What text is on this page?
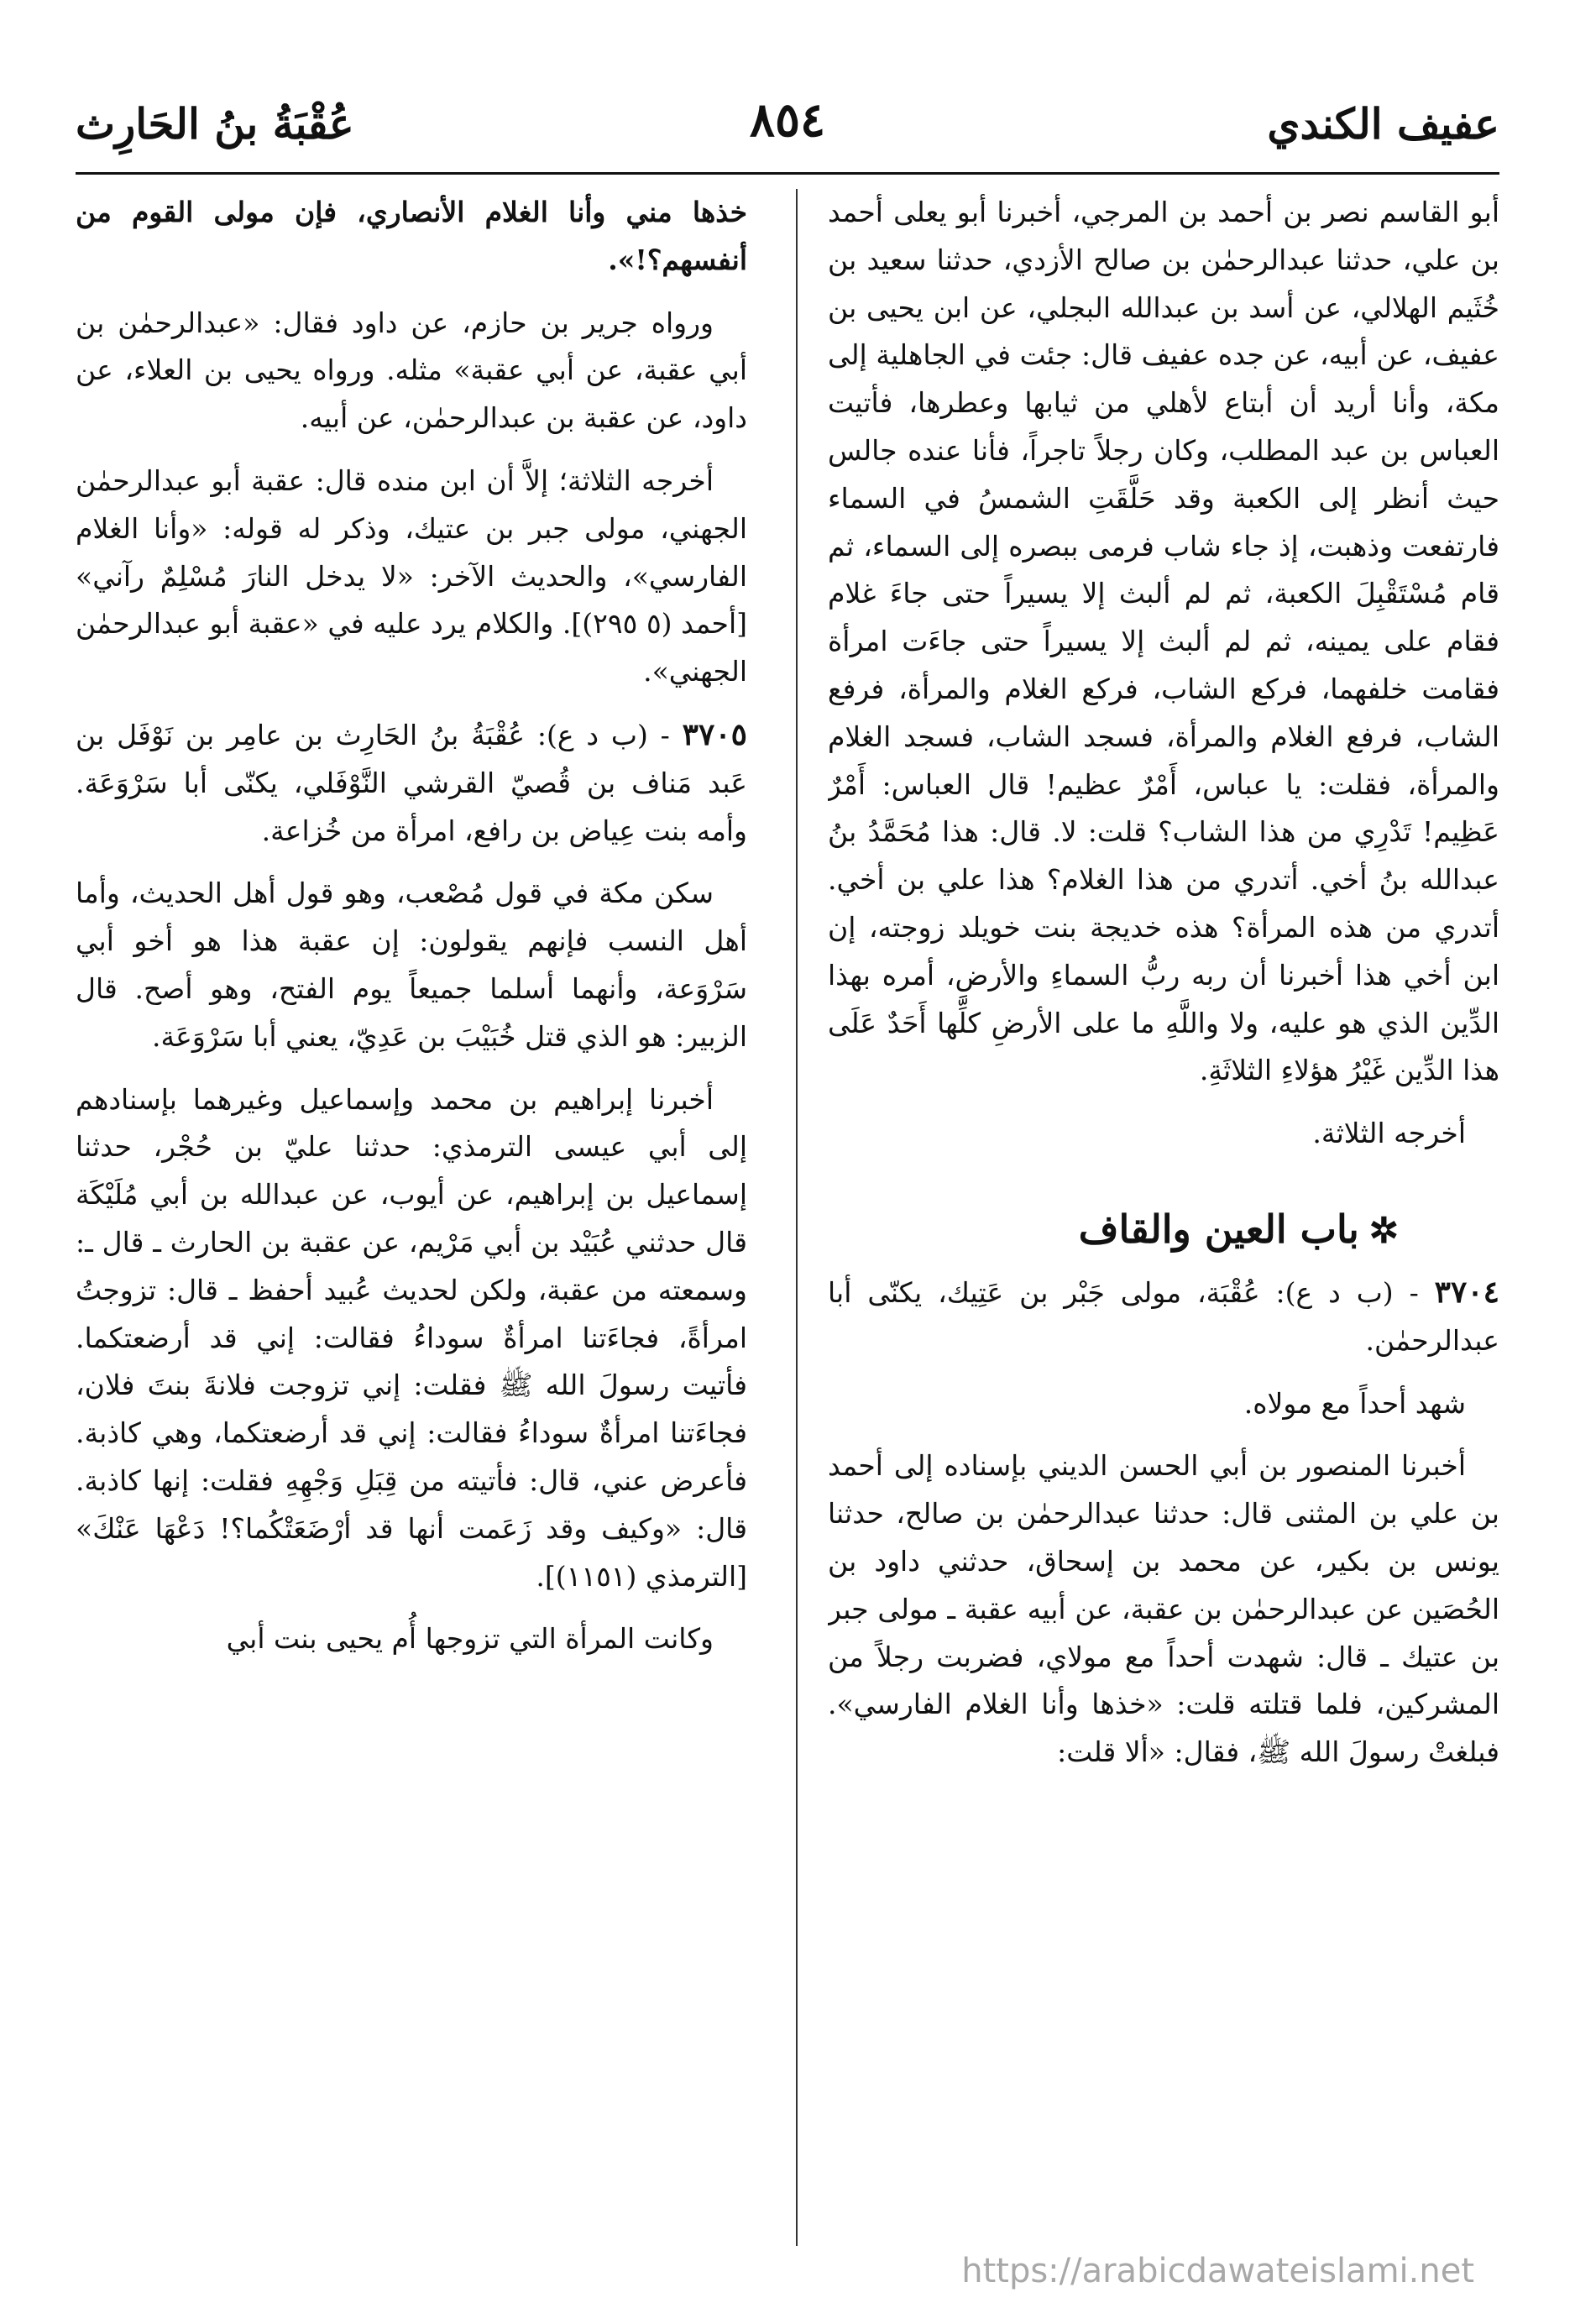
عفيف الكندي
٨٥٤
عُقْبَةُ بنُ الحَارِث

أبو القاسم نصر بن أحمد بن المرجي، أخبرنا أبو يعلى أحمد بن علي، حدثنا عبدالرحمٰن بن صالح الأزدي، حدثنا سعيد بن خُثَيم الهلالي، عن أسد بن عبدالله البجلي، عن ابن يحيى بن عفيف، عن أبيه، عن جده عفيف قال: جئت في الجاهلية إلى مكة، وأنا أريد أن أبتاع لأهلي من ثيابها وعطرها، فأتيت العباس بن عبد المطلب، وكان رجلاً تاجراً، فأنا عنده جالس حيث أنظر إلى الكعبة وقد حَلَّقَتِ الشمسُ في السماء فارتفعت وذهبت، إذ جاء شاب فرمى ببصره إلى السماء، ثم قام مُسْتَقْبِلَ الكعبة، ثم لم ألبث إلا يسيراً حتى جاءَ غلام فقام على يمينه، ثم لم ألبث إلا يسيراً حتى جاءَت امرأة فقامت خلفهما، فركع الشاب، فركع الغلام والمرأة، فرفع الشاب، فرفع الغلام والمرأة، فسجد الشاب، فسجد الغلام والمرأة، فقلت: يا عباس، أَمْرٌ عظيم! قال العباس: أَمْرٌ عَظِيم! تَدْرِي من هذا الشاب؟ قلت: لا. قال: هذا مُحَمَّدُ بنُ عبدالله بنُ أخي. أتدري من هذا الغلام؟ هذا علي بن أخي. أتدري من هذه المرأة؟ هذه خديجة بنت خويلد زوجته، إن ابن أخي هذا أخبرنا أن ربه ربُّ السماءِ والأرضِ، أمره بهذا الدِّين الذي هو عليه، ولا واللَّهِ ما على الأرضِ كلِّها أَحَدٌ عَلَى هذا الدِّين غَيْرُ هؤلاءِ الثلاثَةِ.

أخرجه الثلاثة.

✲باب العين والقاف

٣٧٠٤ - (ب د ع): عُقْبَة، مولى جَبْر بن عَتِيك، يكنّى أبا عبدالرحمٰن.

شهد أحداً مع مولاه.

أخبرنا المنصور بن أبي الحسن الديني بإسناده إلى أحمد بن علي بن المثنى قال: حدثنا عبدالرحمٰن بن صالح، حدثنا يونس بن بكير، عن محمد بن إسحاق، حدثني داود بن الحُصَين عن عبدالرحمٰن بن عقبة، عن أبيه عقبة ـ مولى جبر بن عتيك ـ قال: شهدت أحداً مع مولاي، فضربت رجلاً من المشركين، فلما قتلته قلت: «خذها وأنا الغلام الفارسي». فبلغتْ رسولَ الله ﷺ، فقال: «ألا قلت:

خذها مني وأنا الغلام الأنصاري، فإن مولى القوم من أنفسهم؟!».

ورواه جرير بن حازم، عن داود فقال: «عبدالرحمٰن بن أبي عقبة، عن أبي عقبة» مثله. ورواه يحيى بن العلاء، عن داود، عن عقبة بن عبدالرحمٰن، عن أبيه.

أخرجه الثلاثة؛ إلاَّ أن ابن منده قال: عقبة أبو عبدالرحمٰن الجهني، مولى جبر بن عتيك، وذكر له قوله: «وأنا الغلام الفارسي»، والحديث الآخر: «لا يدخل النارَ مُسْلِمٌ رآني» [أحمد (٥ ٢٩٥)]. والكلام يرد عليه في «عقبة أبو عبدالرحمٰن الجهني».

٣٧٠٥ - (ب د ع): عُقْبَةُ بنُ الحَارِث بن عامِر بن نَوْفَل بن عَبد مَناف بن قُصيّ القرشي النَّوْفَلي، يكنّى أبا سَرْوَعَة. وأمه بنت عِياض بن رافع، امرأة من خُزاعة.

سكن مكة في قول مُصْعب، وهو قول أهل الحديث، وأما أهل النسب فإنهم يقولون: إن عقبة هذا هو أخو أبي سَرْوَعة، وأنهما أسلما جميعاً يوم الفتح، وهو أصح. قال الزبير: هو الذي قتل خُبَيْبَ بن عَدِيّ، يعني أبا سَرْوَعَة.

أخبرنا إبراهيم بن محمد وإسماعيل وغيرهما بإسنادهم إلى أبي عيسى الترمذي: حدثنا عليّ بن حُجْر، حدثنا إسماعيل بن إبراهيم، عن أيوب، عن عبدالله بن أبي مُلَيْكَة قال حدثني عُبَيْد بن أبي مَرْيم، عن عقبة بن الحارث ـ قال ـ: وسمعته من عقبة، ولكن لحديث عُبيد أحفظ ـ قال: تزوجتُ امرأةً، فجاءَتنا امرأةٌ سوداءُ فقالت: إني قد أرضعتكما. فأتيت رسولَ الله ﷺ فقلت: إني تزوجت فلانةَ بنتَ فلان، فجاءَتنا امرأةٌ سوداءُ فقالت: إني قد أرضعتكما، وهي كاذبة. فأعرض عني، قال: فأتيته من قِبَلِ وَجْهِهِ فقلت: إنها كاذبة. قال: «وكيف وقد زَعَمت أنها قد أرْضَعَتْكُما؟! دَعْهَا عَنْكَ» [الترمذي (١١٥١)].

وكانت المرأة التي تزوجها أُم يحيى بنت أبي

https://arabicdawateislami.net
